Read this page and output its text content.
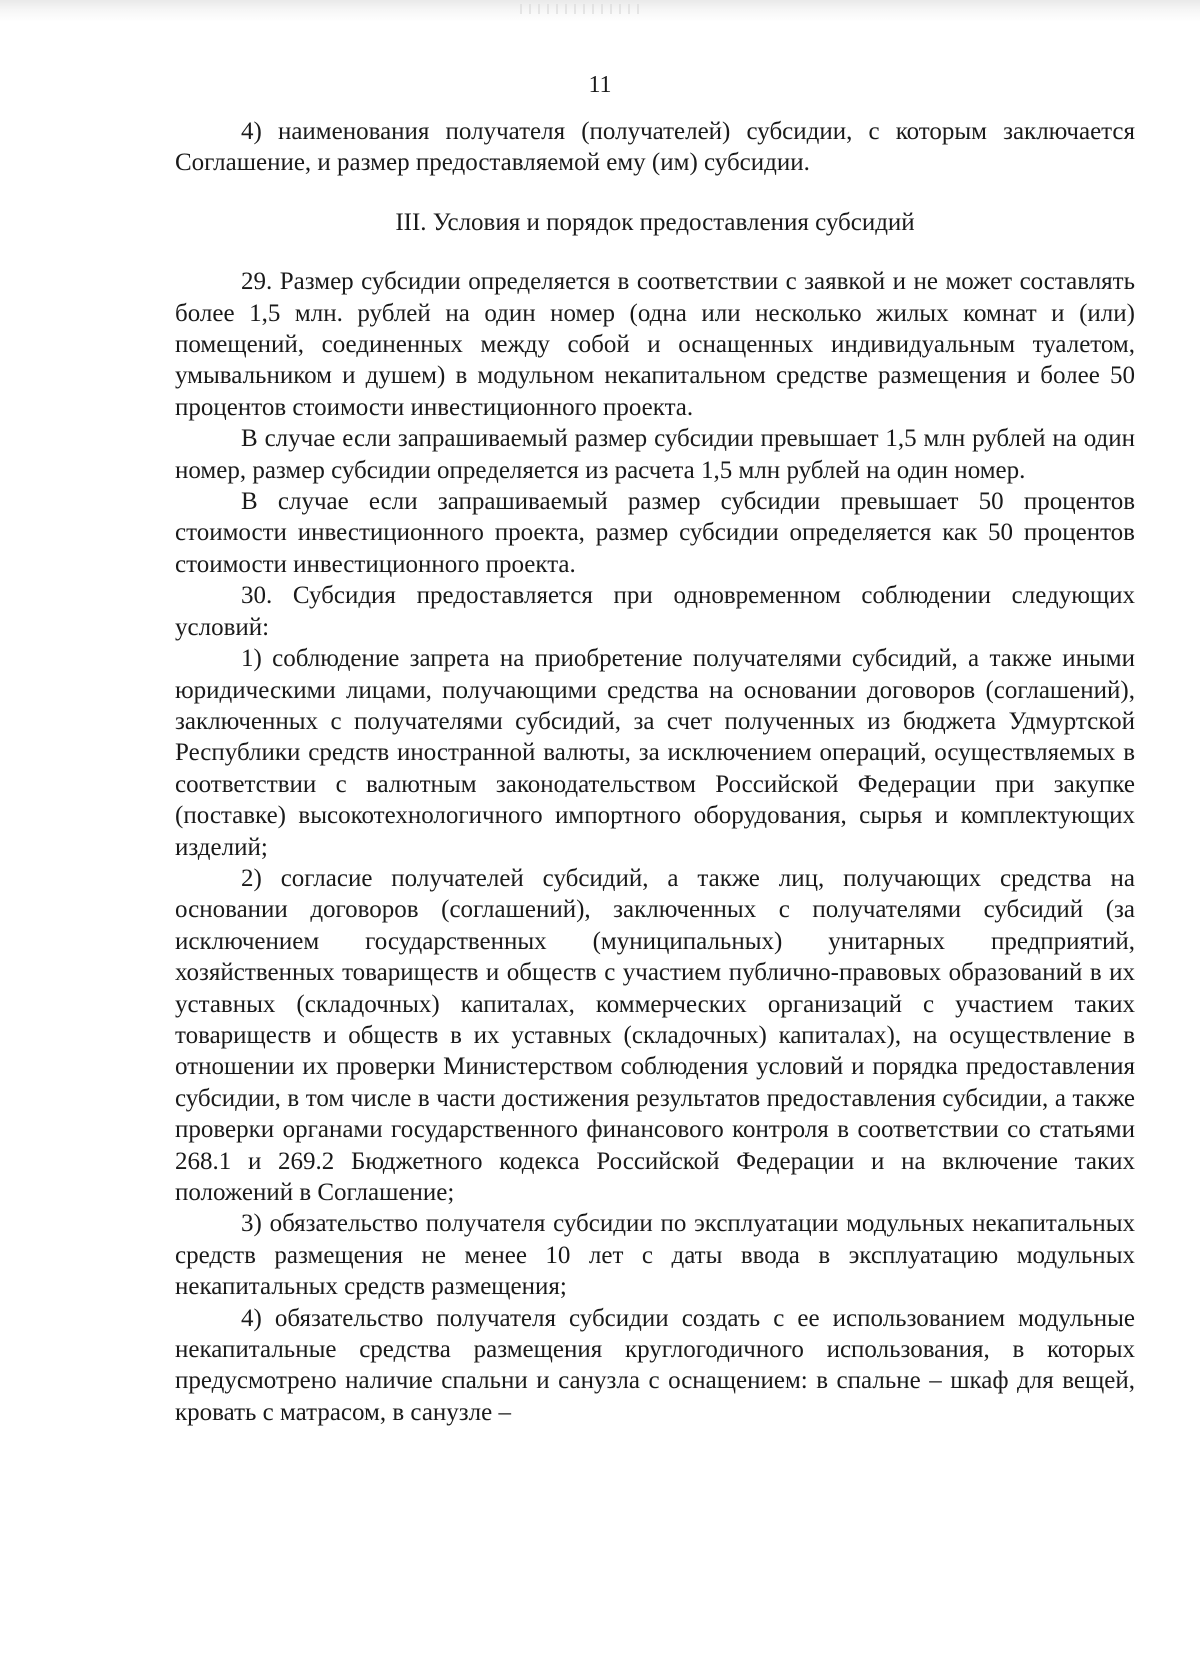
11

4) наименования получателя (получателей) субсидии, с которым заключается Соглашение, и размер предоставляемой ему (им) субсидии.

III. Условия и порядок предоставления субсидий

29. Размер субсидии определяется в соответствии с заявкой и не может составлять более 1,5 млн. рублей на один номер (одна или несколько жилых комнат и (или) помещений, соединенных между собой и оснащенных индивидуальным туалетом, умывальником и душем) в модульном некапитальном средстве размещения и более 50 процентов стоимости инвестиционного проекта.

В случае если запрашиваемый размер субсидии превышает 1,5 млн рублей на один номер, размер субсидии определяется из расчета 1,5 млн рублей на один номер.

В случае если запрашиваемый размер субсидии превышает 50 процентов стоимости инвестиционного проекта, размер субсидии определяется как 50 процентов стоимости инвестиционного проекта.

30. Субсидия предоставляется при одновременном соблюдении следующих условий:

1) соблюдение запрета на приобретение получателями субсидий, а также иными юридическими лицами, получающими средства на основании договоров (соглашений), заключенных с получателями субсидий, за счет полученных из бюджета Удмуртской Республики средств иностранной валюты, за исключением операций, осуществляемых в соответствии с валютным законодательством Российской Федерации при закупке (поставке) высокотехнологичного импортного оборудования, сырья и комплектующих изделий;

2) согласие получателей субсидий, а также лиц, получающих средства на основании договоров (соглашений), заключенных с получателями субсидий (за исключением государственных (муниципальных) унитарных предприятий, хозяйственных товариществ и обществ с участием публично-правовых образований в их уставных (складочных) капиталах, коммерческих организаций с участием таких товариществ и обществ в их уставных (складочных) капиталах), на осуществление в отношении их проверки Министерством соблюдения условий и порядка предоставления субсидии, в том числе в части достижения результатов предоставления субсидии, а также проверки органами государственного финансового контроля в соответствии со статьями 268.1 и 269.2 Бюджетного кодекса Российской Федерации и на включение таких положений в Соглашение;

3) обязательство получателя субсидии по эксплуатации модульных некапитальных средств размещения не менее 10 лет с даты ввода в эксплуатацию модульных некапитальных средств размещения;

4) обязательство получателя субсидии создать с ее использованием модульные некапитальные средства размещения круглогодичного использования, в которых предусмотрено наличие спальни и санузла с оснащением: в спальне – шкаф для вещей, кровать с матрасом, в санузле –
